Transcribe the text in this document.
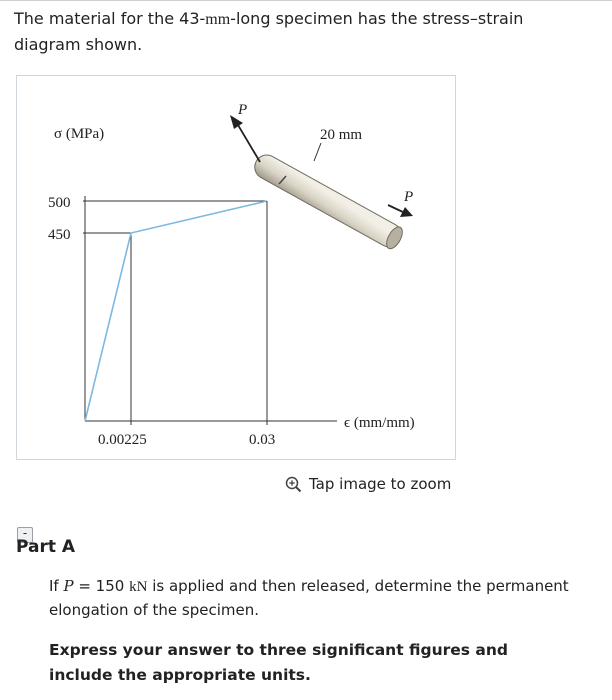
The material for the 43-mm-long specimen has the stress–strain diagram shown.
500
450
0.00225	0.03
σ (MPa)
ϵ (mm/mm)
P
P
20 mm
Tap image to zoom
-
Part A
If P = 150 kN is applied and then released, determine the permanent elongation of the specimen.
Express your answer to three significant figures and include the appropriate units.
